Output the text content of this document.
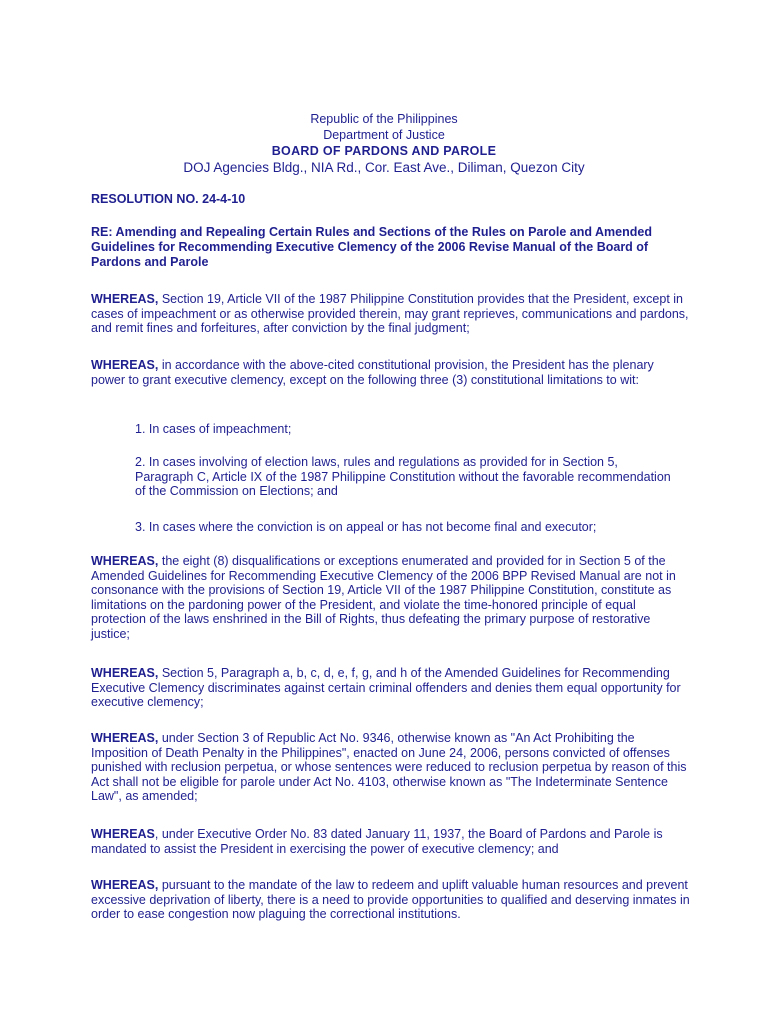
Republic of the Philippines
Department of Justice
BOARD OF PARDONS AND PAROLE
DOJ Agencies Bldg., NIA Rd., Cor. East Ave., Diliman, Quezon City
RESOLUTION NO. 24-4-10
RE: Amending and Repealing Certain Rules and Sections of the Rules on Parole and Amended Guidelines for Recommending Executive Clemency of the 2006 Revise Manual of the Board of Pardons and Parole
WHEREAS, Section 19, Article VII of the 1987 Philippine Constitution provides that the President, except in cases of impeachment or as otherwise provided therein, may grant reprieves, communications and pardons, and remit fines and forfeitures, after conviction by the final judgment;
WHEREAS, in accordance with the above-cited constitutional provision, the President has the plenary power to grant executive clemency, except on the following three (3) constitutional limitations to wit:
1. In cases of impeachment;
2. In cases involving of election laws, rules and regulations as provided for in Section 5, Paragraph C, Article IX of the 1987 Philippine Constitution without the favorable recommendation of the Commission on Elections; and
3. In cases where the conviction is on appeal or has not become final and executor;
WHEREAS, the eight (8) disqualifications or exceptions enumerated and provided for in Section 5 of the Amended Guidelines for Recommending Executive Clemency of the 2006 BPP Revised Manual are not in consonance with the provisions of Section 19, Article VII of the 1987 Philippine Constitution, constitute as limitations on the pardoning power of the President, and violate the time-honored principle of equal protection of the laws enshrined in the Bill of Rights, thus defeating the primary purpose of restorative justice;
WHEREAS, Section 5, Paragraph a, b, c, d, e, f, g, and h of the Amended Guidelines for Recommending Executive Clemency discriminates against certain criminal offenders and denies them equal opportunity for executive clemency;
WHEREAS, under Section 3 of Republic Act No. 9346, otherwise known as "An Act Prohibiting the Imposition of Death Penalty in the Philippines", enacted on June 24, 2006, persons convicted of offenses punished with reclusion perpetua, or whose sentences were reduced to reclusion perpetua by reason of this Act shall not be eligible for parole under Act No. 4103, otherwise known as "The Indeterminate Sentence Law", as amended;
WHEREAS, under Executive Order No. 83 dated January 11, 1937, the Board of Pardons and Parole is mandated to assist the President in exercising the power of executive clemency; and
WHEREAS, pursuant to the mandate of the law to redeem and uplift valuable human resources and prevent excessive deprivation of liberty, there is a need to provide opportunities to qualified and deserving inmates in order to ease congestion now plaguing the correctional institutions.
